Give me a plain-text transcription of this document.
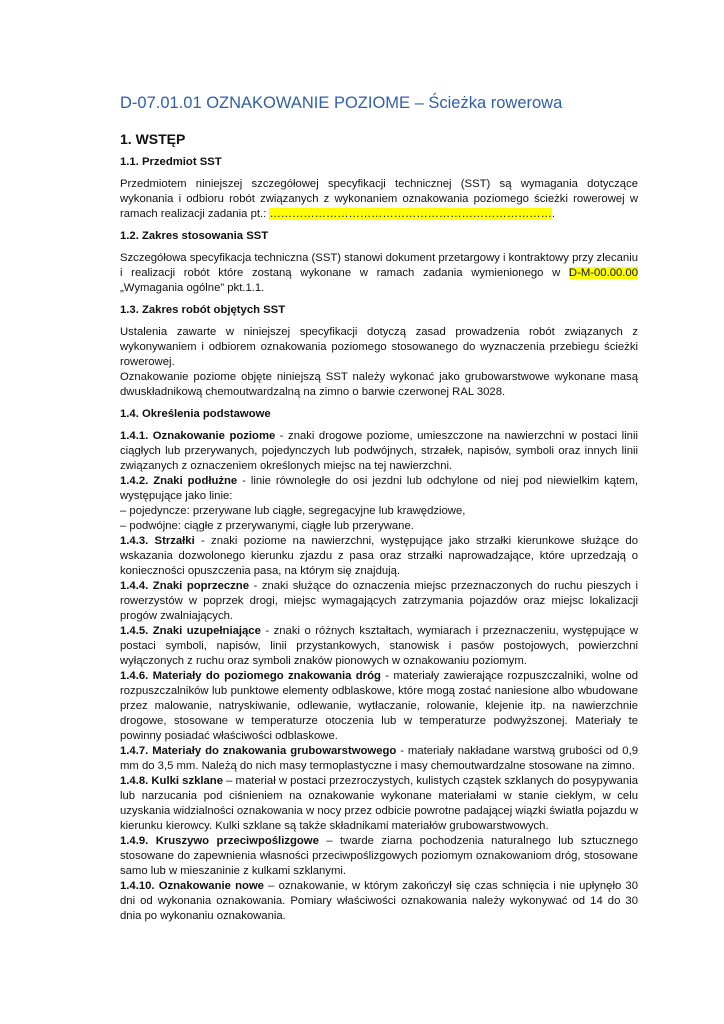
D-07.01.01 OZNAKOWANIE POZIOME – Ścieżka rowerowa
1. WSTĘP
1.1. Przedmiot SST

Przedmiotem niniejszej szczegółowej specyfikacji technicznej (SST) są wymagania dotyczące wykonania i odbioru robót związanych z wykonaniem oznakowania poziomego ścieżki rowerowej w ramach realizacji zadania pt.: ………………………………………………………………….

1.2. Zakres stosowania SST

Szczegółowa specyfikacja techniczna (SST) stanowi dokument przetargowy i kontraktowy przy zlecaniu i realizacji robót które zostaną wykonane w ramach zadania wymienionego w D-M-00.00.00 „Wymagania ogólne” pkt.1.1.

1.3. Zakres robót objętych SST

Ustalenia zawarte w niniejszej specyfikacji dotyczą zasad prowadzenia robót związanych z wykonywaniem i odbiorem oznakowania poziomego stosowanego do wyznaczenia przebiegu ścieżki rowerowej.

Oznakowanie poziome objęte niniejszą SST należy wykonać jako grubowarstwowe wykonane masą dwuskładnikową chemoutwardzalną na zimno o barwie czerwonej RAL 3028.

1.4. Określenia podstawowe

1.4.1. Oznakowanie poziome - znaki drogowe poziome, umieszczone na nawierzchni w postaci linii ciągłych lub przerywanych, pojedynczych lub podwójnych, strzałek, napisów, symboli oraz innych linii związanych z oznaczeniem określonych miejsc na tej nawierzchni.

1.4.2. Znaki podłużne - linie równoległe do osi jezdni lub odchylone od niej pod niewielkim kątem, występujące jako linie:

– pojedyncze: przerywane lub ciągłe, segregacyjne lub krawędziowe,

– podwójne: ciągłe z przerywanymi, ciągłe lub przerywane.

1.4.3. Strzałki - znaki poziome na nawierzchni, występujące jako strzałki kierunkowe służące do wskazania dozwolonego kierunku zjazdu z pasa oraz strzałki naprowadzające, które uprzedzają o konieczności opuszczenia pasa, na którym się znajdują.

1.4.4. Znaki poprzeczne - znaki służące do oznaczenia miejsc przeznaczonych do ruchu pieszych i rowerzystów w poprzek drogi, miejsc wymagających zatrzymania pojazdów oraz miejsc lokalizacji progów zwalniających.

1.4.5. Znaki uzupełniające - znaki o różnych kształtach, wymiarach i przeznaczeniu, występujące w postaci symboli, napisów, linii przystankowych, stanowisk i pasów postojowych, powierzchni wyłączonych z ruchu oraz symboli znaków pionowych w oznakowaniu poziomym.

1.4.6. Materiały do poziomego znakowania dróg - materiały zawierające rozpuszczalniki, wolne od rozpuszczalników lub punktowe elementy odblaskowe, które mogą zostać naniesione albo wbudowane przez malowanie, natryskiwanie, odlewanie, wytłaczanie, rolowanie, klejenie itp. na nawierzchnie drogowe, stosowane w temperaturze otoczenia lub w temperaturze podwyższonej. Materiały te powinny posiadać właściwości odblaskowe.

1.4.7. Materiały do znakowania grubowarstwowego - materiały nakładane warstwą grubości od 0,9 mm do 3,5 mm. Należą do nich masy termoplastyczne i masy chemoutwardzalne stosowane na zimno.

1.4.8. Kulki szklane – materiał w postaci przezroczystych, kulistych cząstek szklanych do posypywania lub narzucania pod ciśnieniem na oznakowanie wykonane materiałami w stanie ciekłym, w celu uzyskania widzialności oznakowania w nocy przez odbicie powrotne padającej wiązki światła pojazdu w kierunku kierowcy. Kulki szklane są także składnikami materiałów grubowarstwowych.

1.4.9. Kruszywo przeciwpoślizgowe – twarde ziarna pochodzenia naturalnego lub sztucznego stosowane do zapewnienia własności przeciwpoślizgowych poziomym oznakowaniom dróg, stosowane samo lub w mieszaninie z kulkami szklanymi.

1.4.10. Oznakowanie nowe – oznakowanie, w którym zakończył się czas schnięcia i nie upłynęło 30 dni od wykonania oznakowania. Pomiary właściwości oznakowania należy wykonywać od 14 do 30 dnia po wykonaniu oznakowania.
